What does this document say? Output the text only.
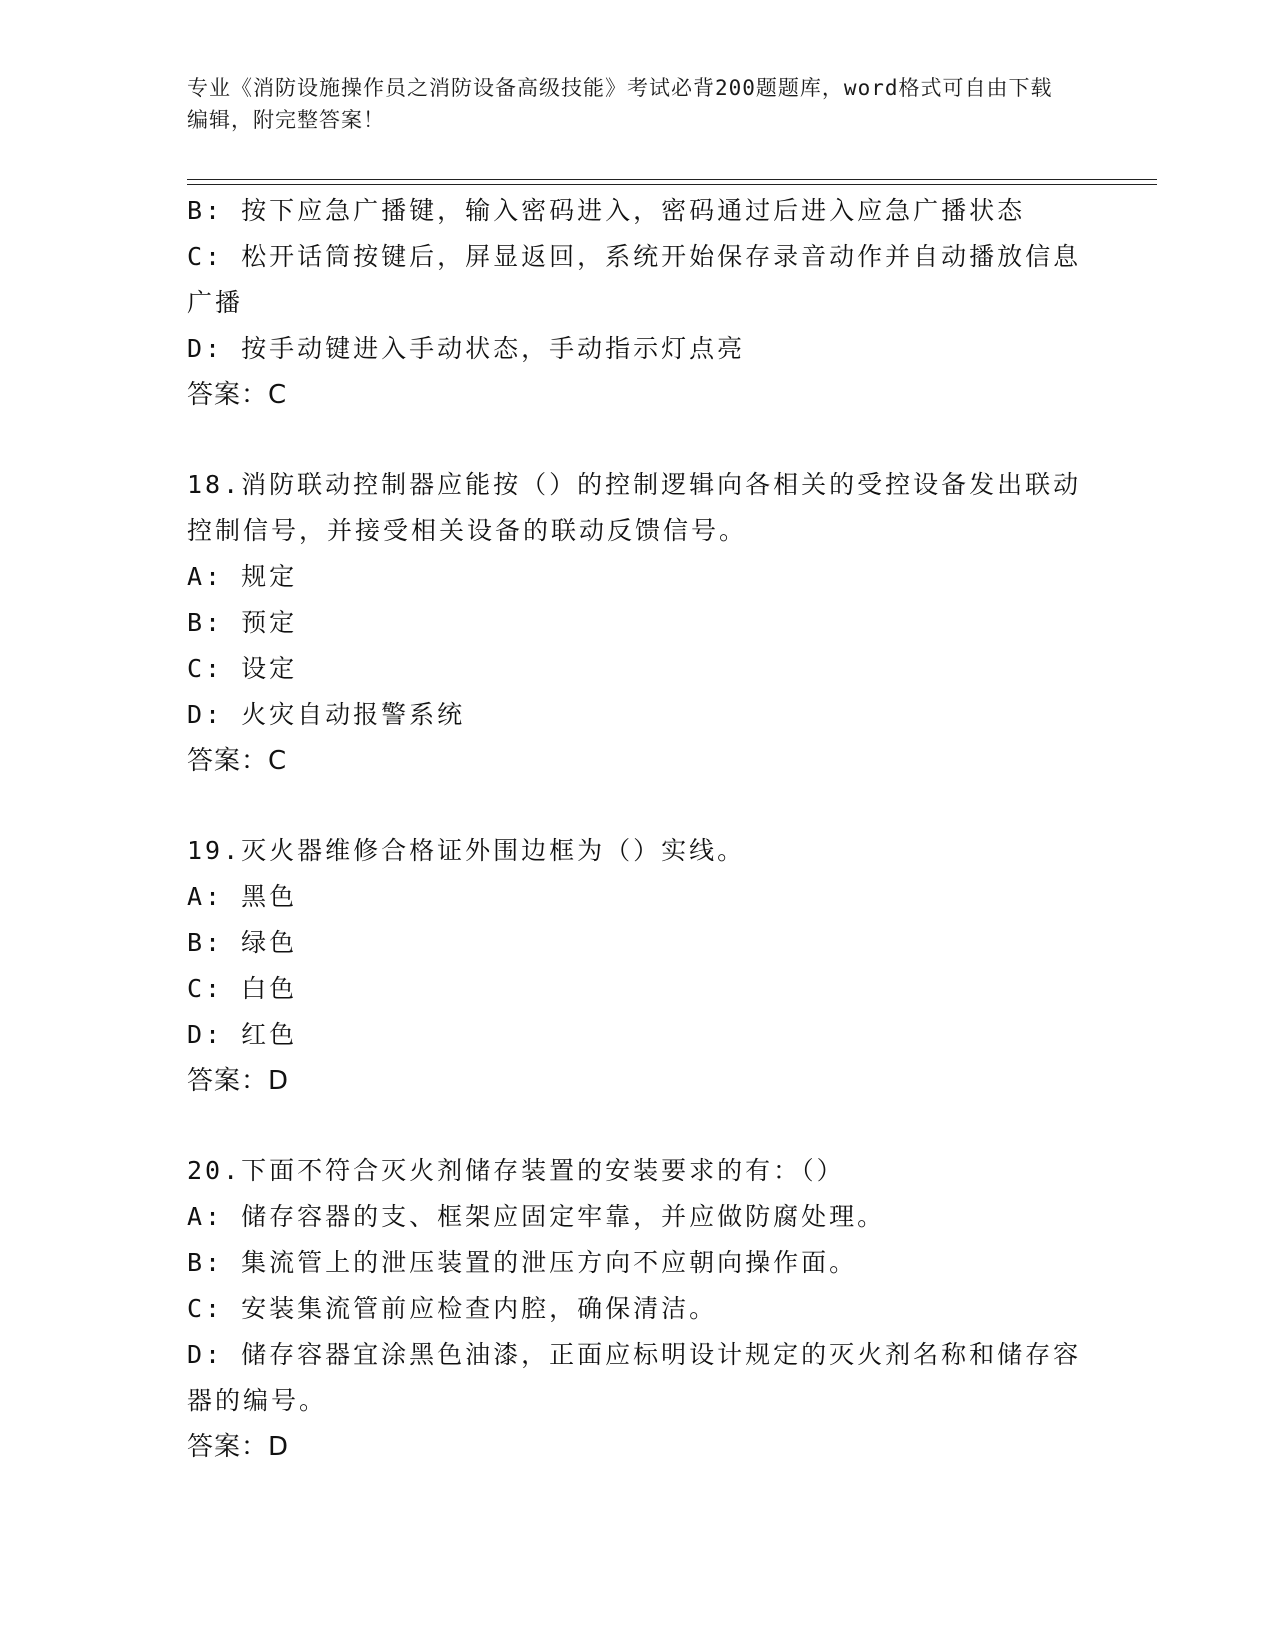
专业《消防设施操作员之消防设备高级技能》考试必背200题题库，word格式可自由下载编辑，附完整答案！
B: 按下应急广播键，输入密码进入，密码通过后进入应急广播状态
C: 松开话筒按键后，屏显返回，系统开始保存录音动作并自动播放信息广播
D: 按手动键进入手动状态，手动指示灯点亮
答案：C
18.消防联动控制器应能按（）的控制逻辑向各相关的受控设备发出联动控制信号，并接受相关设备的联动反馈信号。
A: 规定
B: 预定
C: 设定
D: 火灾自动报警系统
答案：C
19.灭火器维修合格证外围边框为（）实线。
A: 黑色
B: 绿色
C: 白色
D: 红色
答案：D
20.下面不符合灭火剂储存装置的安装要求的有：（）
A: 储存容器的支、框架应固定牢靠，并应做防腐处理。
B: 集流管上的泄压装置的泄压方向不应朝向操作面。
C: 安装集流管前应检查内腔，确保清洁。
D: 储存容器宜涂黑色油漆，正面应标明设计规定的灭火剂名称和储存容器的编号。
答案：D
